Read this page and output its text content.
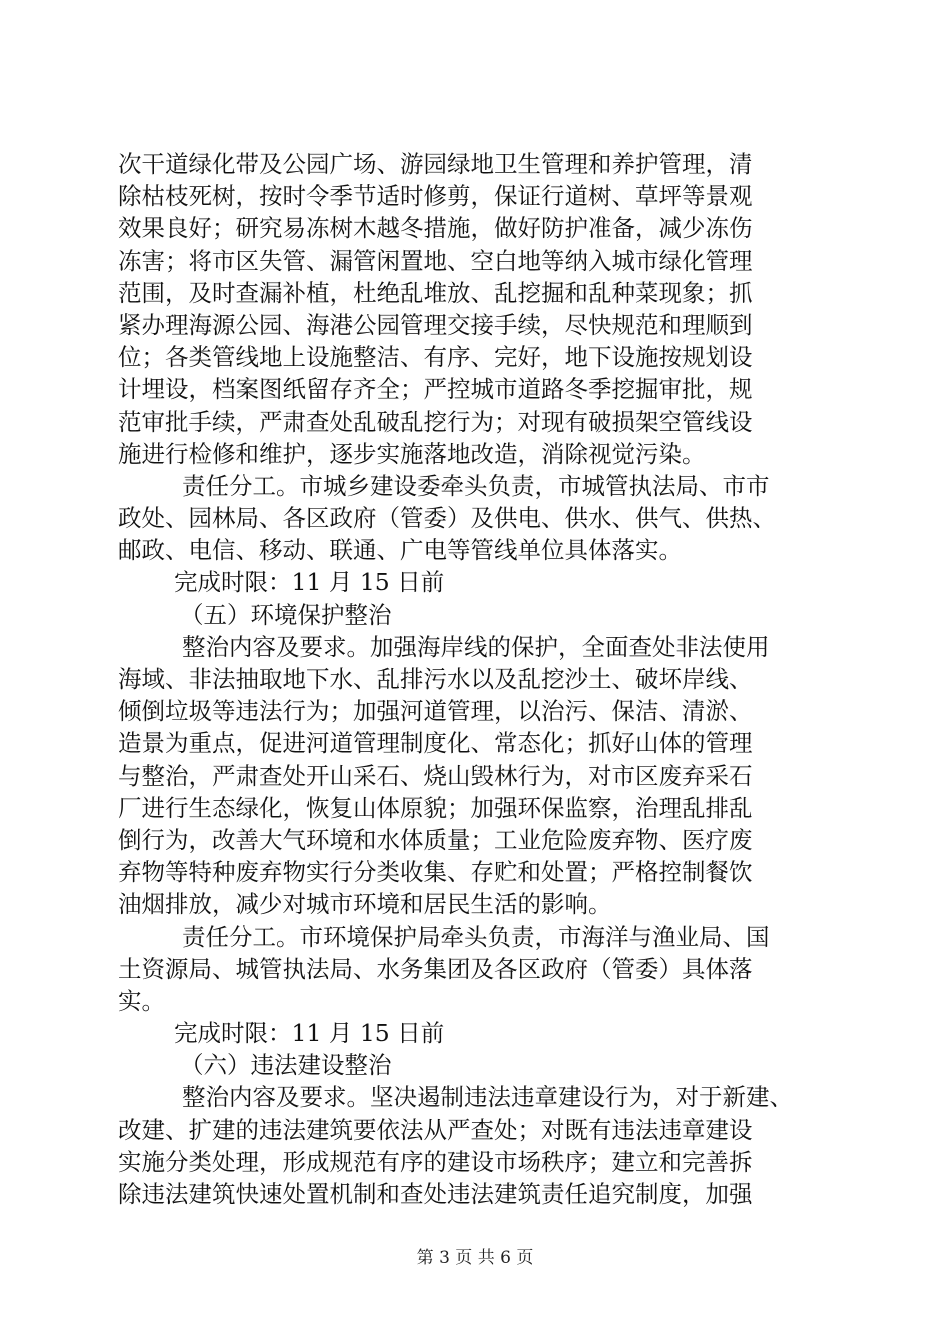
次干道绿化带及公园广场、游园绿地卫生管理和养护管理，清
除枯枝死树，按时令季节适时修剪，保证行道树、草坪等景观
效果良好；研究易冻树木越冬措施，做好防护准备，减少冻伤
冻害；将市区失管、漏管闲置地、空白地等纳入城市绿化管理
范围，及时查漏补植，杜绝乱堆放、乱挖掘和乱种菜现象；抓
紧办理海源公园、海港公园管理交接手续，尽快规范和理顺到
位；各类管线地上设施整洁、有序、完好，地下设施按规划设
计埋设，档案图纸留存齐全；严控城市道路冬季挖掘审批，规
范审批手续，严肃查处乱破乱挖行为；对现有破损架空管线设
施进行检修和维护，逐步实施落地改造，消除视觉污染。
责任分工。市城乡建设委牵头负责，市城管执法局、市市
政处、园林局、各区政府（管委）及供电、供水、供气、供热、
邮政、电信、移动、联通、广电等管线单位具体落实。
完成时限：11 月 15 日前
（五）环境保护整治
整治内容及要求。加强海岸线的保护，全面查处非法使用
海域、非法抽取地下水、乱排污水以及乱挖沙土、破坏岸线、
倾倒垃圾等违法行为；加强河道管理，以治污、保洁、清淤、
造景为重点，促进河道管理制度化、常态化；抓好山体的管理
与整治，严肃查处开山采石、烧山毁林行为，对市区废弃采石
厂进行生态绿化，恢复山体原貌；加强环保监察，治理乱排乱
倒行为，改善大气环境和水体质量；工业危险废弃物、医疗废
弃物等特种废弃物实行分类收集、存贮和处置；严格控制餐饮
油烟排放，减少对城市环境和居民生活的影响。
责任分工。市环境保护局牵头负责，市海洋与渔业局、国
土资源局、城管执法局、水务集团及各区政府（管委）具体落
实。
完成时限：11 月 15 日前
（六）违法建设整治
整治内容及要求。坚决遏制违法违章建设行为，对于新建、
改建、扩建的违法建筑要依法从严查处；对既有违法违章建设
实施分类处理，形成规范有序的建设市场秩序；建立和完善拆
除违法建筑快速处置机制和查处违法建筑责任追究制度，加强
第 3 页 共 6 页
